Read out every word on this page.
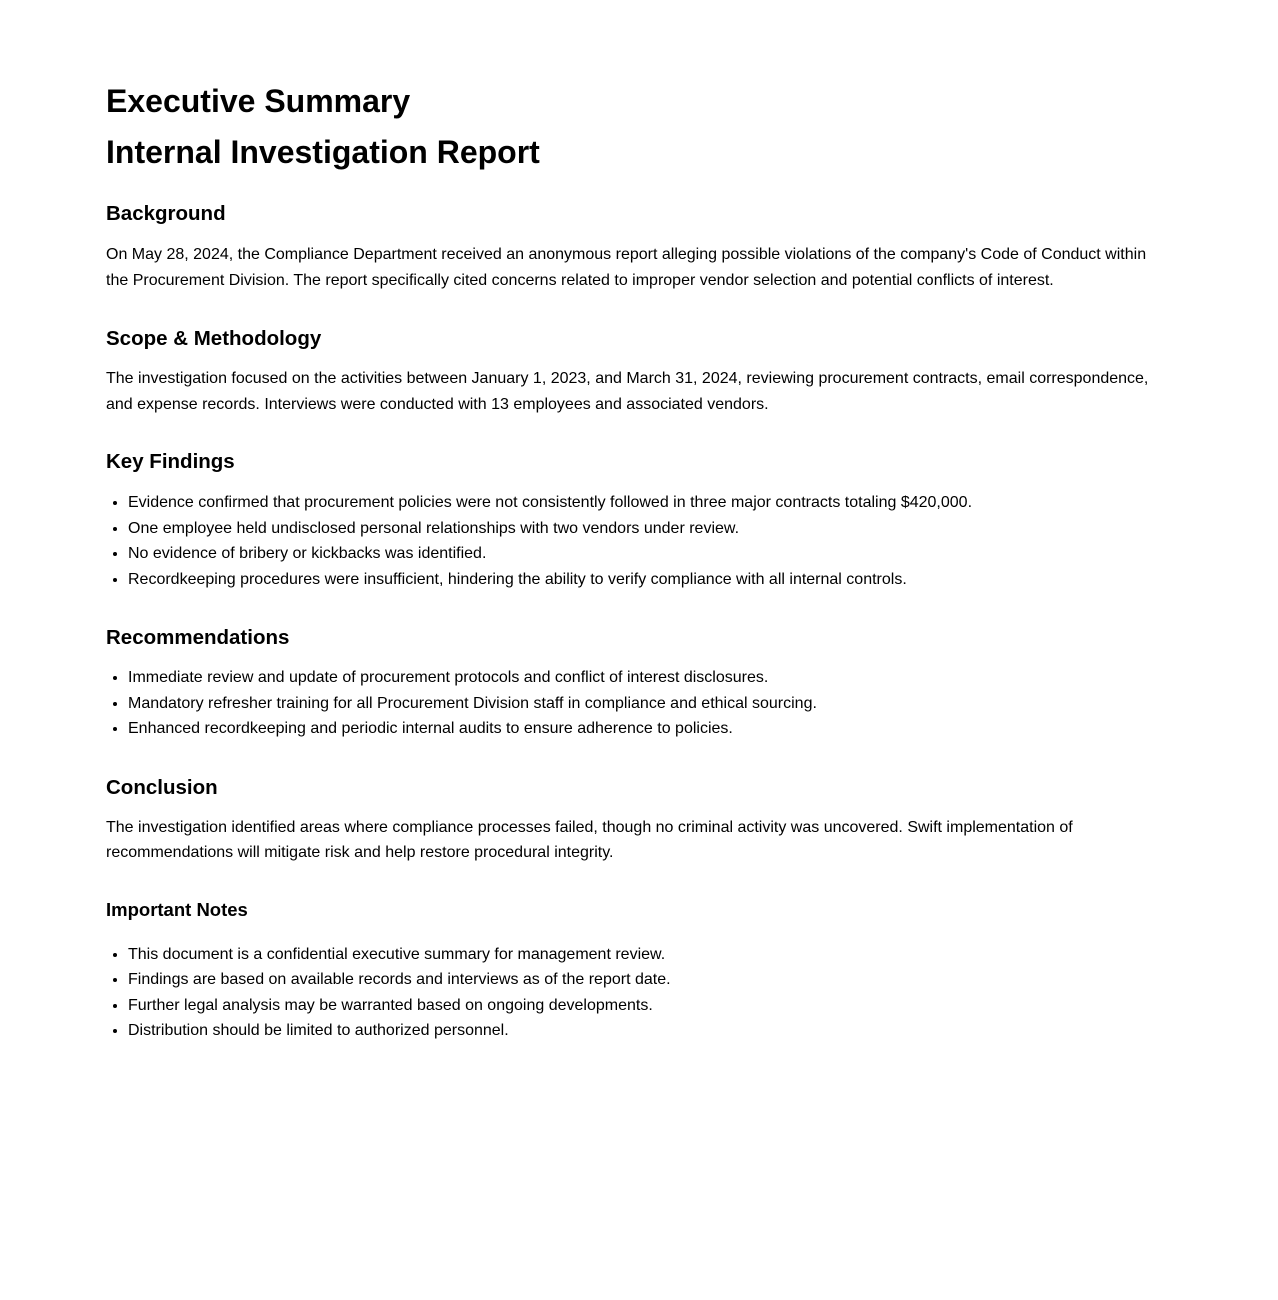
Executive Summary
Internal Investigation Report
Background

On May 28, 2024, the Compliance Department received an anonymous report alleging possible violations of the company's Code of Conduct within the Procurement Division. The report specifically cited concerns related to improper vendor selection and potential conflicts of interest.

Scope & Methodology

The investigation focused on the activities between January 1, 2023, and March 31, 2024, reviewing procurement contracts, email correspondence, and expense records. Interviews were conducted with 13 employees and associated vendors.

Key Findings
• Evidence confirmed that procurement policies were not consistently followed in three major contracts totaling $420,000.
• One employee held undisclosed personal relationships with two vendors under review.
• No evidence of bribery or kickbacks was identified.
• Recordkeeping procedures were insufficient, hindering the ability to verify compliance with all internal controls.
Recommendations
• Immediate review and update of procurement protocols and conflict of interest disclosures.
• Mandatory refresher training for all Procurement Division staff in compliance and ethical sourcing.
• Enhanced recordkeeping and periodic internal audits to ensure adherence to policies.
Conclusion

The investigation identified areas where compliance processes failed, though no criminal activity was uncovered. Swift implementation of recommendations will mitigate risk and help restore procedural integrity.

Important Notes
• This document is a confidential executive summary for management review.
• Findings are based on available records and interviews as of the report date.
• Further legal analysis may be warranted based on ongoing developments.
• Distribution should be limited to authorized personnel.
